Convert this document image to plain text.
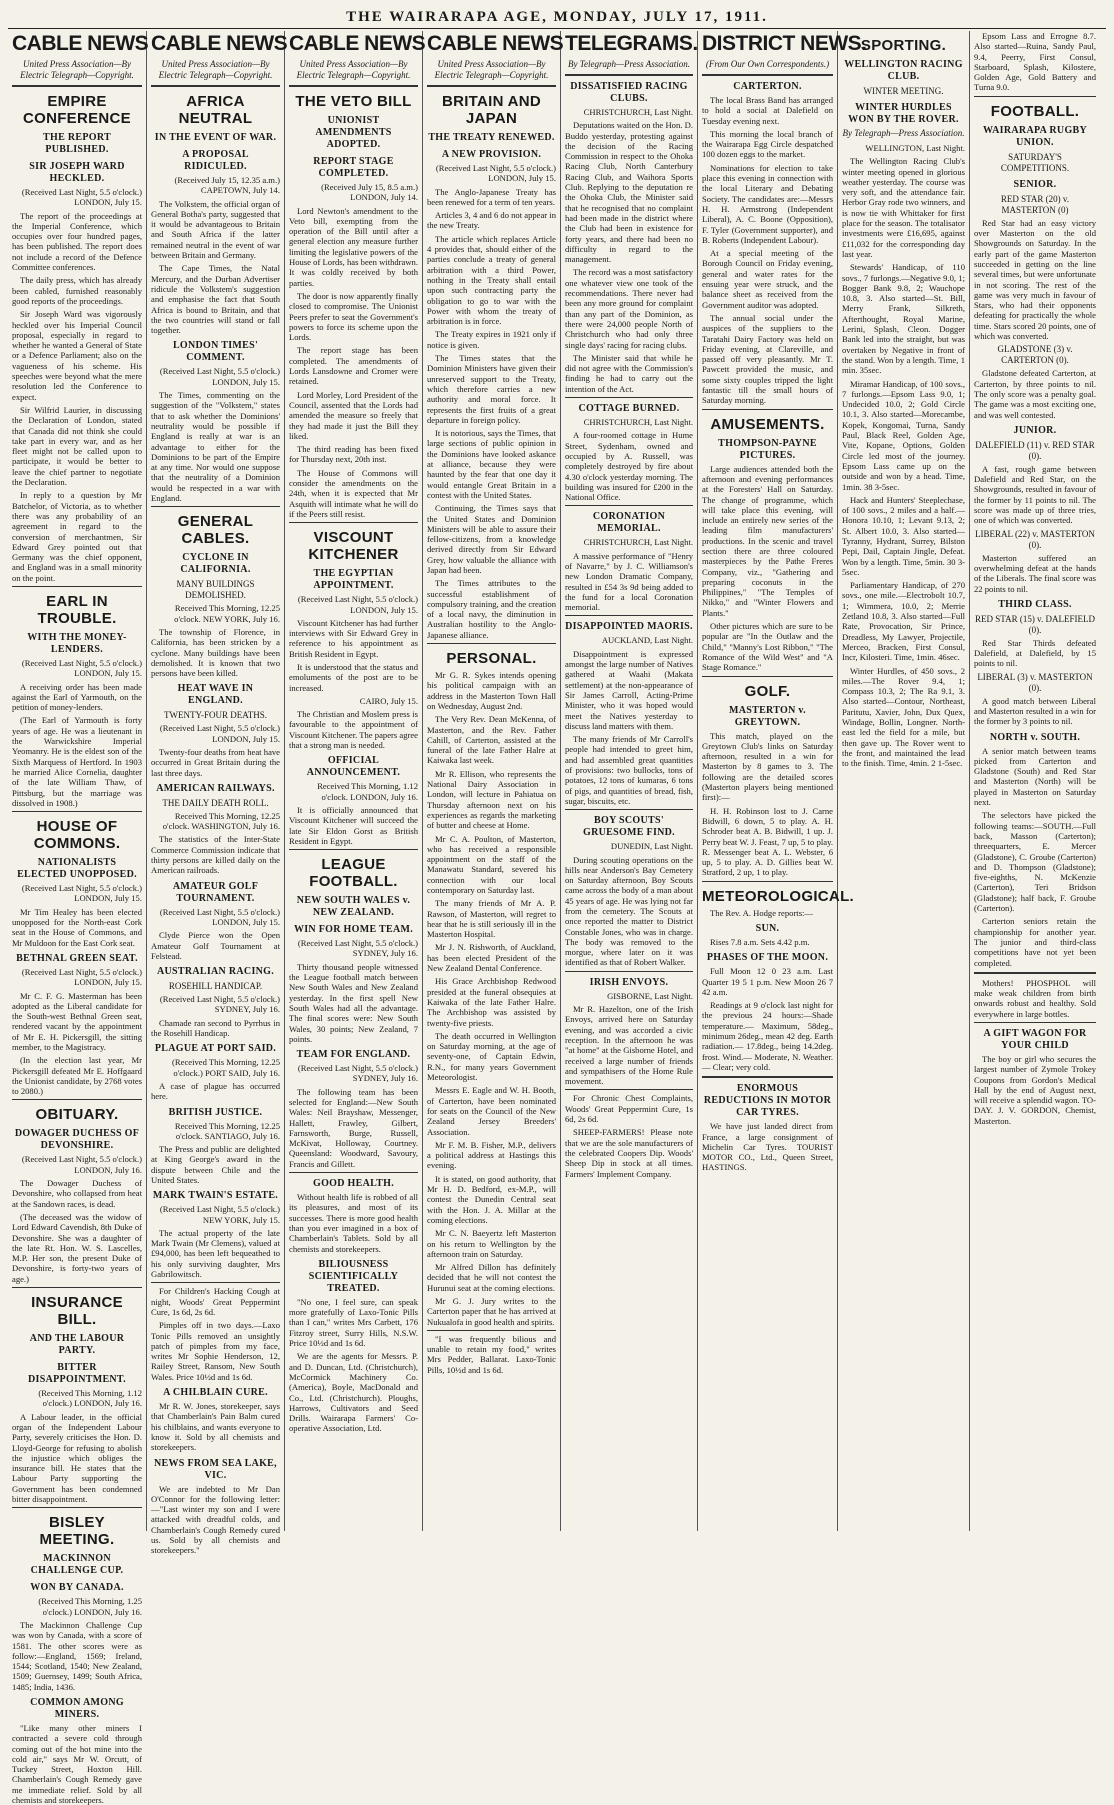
THE WAIRARAPA AGE, MONDAY, JULY 17, 1911.
CABLE NEWS
United Press Association—By Electric Telegraph—Copyright.
EMPIRE CONFERENCE
THE REPORT PUBLISHED.
SIR JOSEPH WARD HECKLED.

(Received Last Night, 5.5 o'clock.) LONDON, July 15.

The report of the proceedings at the Imperial Conference, which occupies over four hundred pages, has been published. The report does not include a record of the Defence Committee conferences.

The daily press, which has already been cabled, furnished reasonably good reports of the proceedings.

Sir Joseph Ward was vigorously heckled over his Imperial Council proposal, especially in regard to whether he wanted a General of State or a Defence Parliament; also on the vagueness of his scheme. His speeches were beyond what the mere resolution led the Conference to expect.

Sir Wilfrid Laurier, in discussing the Declaration of London, stated that Canada did not think she could take part in every war, and as her fleet might not be called upon to participate, it would be better to leave the chief partner to negotiate the Declaration.

In reply to a question by Mr Batchelor, of Victoria, as to whether there was any probability of an agreement in regard to the conversion of merchantmen, Sir Edward Grey pointed out that Germany was the chief opponent, and England was in a small minority on the point.

EARL IN TROUBLE.
WITH THE MONEY-LENDERS.

(Received Last Night, 5.5 o'clock.) LONDON, July 15.

A receiving order has been made against the Earl of Yarmouth, on the petition of money-lenders.

(The Earl of Yarmouth is forty years of age. He was a lieutenant in the Warwickshire Imperial Yeomanry. He is the eldest son of the Sixth Marquess of Hertford. In 1903 he married Alice Cornelia, daughter of the late William Thaw, of Pittsburg, but the marriage was dissolved in 1908.)

HOUSE OF COMMONS.
NATIONALISTS ELECTED UNOPPOSED.

(Received Last Night, 5.5 o'clock.) LONDON, July 15.

Mr Tim Healey has been elected unopposed for the North-east Cork seat in the House of Commons, and Mr Muldoon for the East Cork seat.

BETHNAL GREEN SEAT.

(Received Last Night, 5.5 o'clock.) LONDON, July 15.

Mr C. F. G. Masterman has been adopted as the Liberal candidate for the South-west Bethnal Green seat, rendered vacant by the appointment of Mr E. H. Pickersgill, the sitting member, to the Magistracy.

(In the election last year, Mr Pickersgill defeated Mr E. Hoffgaard the Unionist candidate, by 2768 votes to 2080.)

OBITUARY.
DOWAGER DUCHESS OF DEVONSHIRE.

(Received Last Night, 5.5 o'clock.) LONDON, July 16.

The Dowager Duchess of Devonshire, who collapsed from heat at the Sandown races, is dead.

(The deceased was the widow of Lord Edward Cavendish, 8th Duke of Devonshire. She was a daughter of the late Rt. Hon. W. S. Lascelles, M.P. Her son, the present Duke of Devonshire, is forty-two years of age.)

INSURANCE BILL.
AND THE LABOUR PARTY.
BITTER DISAPPOINTMENT.

(Received This Morning, 1.12 o'clock.) LONDON, July 16.

A Labour leader, in the official organ of the Independent Labour Party, severely criticises the Hon. D. Lloyd-George for refusing to abolish the injustice which obliges the insurance bill. He states that the Labour Party supporting the Government has been condemned bitter disappointment.

BISLEY MEETING.
MACKINNON CHALLENGE CUP.
WON BY CANADA.

(Received This Morning, 1.25 o'clock.) LONDON, July 16.

The Mackinnon Challenge Cup was won by Canada, with a score of 1581. The other scores were as follow:—England, 1569; Ireland, 1544; Scotland, 1540; New Zealand, 1509; Guernsey, 1499; South Africa, 1485; India, 1436.

COMMON AMONG MINERS.

"Like many other miners I contracted a severe cold through coming out of the hot mine into the cold air," says Mr W. Orcutt, of Tuckey Street, Hoxton Hill. Chamberlain's Cough Remedy gave me immediate relief. Sold by all chemists and storekeepers.

CABLE NEWS
United Press Association—By Electric Telegraph—Copyright.
AFRICA NEUTRAL
IN THE EVENT OF WAR.
A PROPOSAL RIDICULED.

(Received July 15, 12.35 a.m.) CAPETOWN, July 14.

The Volkstem, the official organ of General Botha's party, suggested that it would be advantageous to Britain and South Africa if the latter remained neutral in the event of war between Britain and Germany.

The Cape Times, the Natal Mercury, and the Durban Advertiser ridicule the Volkstem's suggestion and emphasise the fact that South Africa is bound to Britain, and that the two countries will stand or fall together.

LONDON TIMES' COMMENT.

(Received Last Night, 5.5 o'clock.) LONDON, July 15.

The Times, commenting on the suggestion of the "Volkstem," states that to ask whether the Dominions' neutrality would be possible if England is really at war is an advantage to either for the Dominions to be part of the Empire at any time. Nor would one suppose that the neutrality of a Dominion would be respected in a war with England.

GENERAL CABLES.
CYCLONE IN CALIFORNIA.
MANY BUILDINGS DEMOLISHED.

Received This Morning, 12.25 o'clock. NEW YORK, July 16.

The township of Florence, in California, has been stricken by a cyclone. Many buildings have been demolished. It is known that two persons have been killed.

HEAT WAVE IN ENGLAND.
TWENTY-FOUR DEATHS.

(Received Last Night, 5.5 o'clock.) LONDON, July 15.

Twenty-four deaths from heat have occurred in Great Britain during the last three days.

AMERICAN RAILWAYS.
THE DAILY DEATH ROLL.

Received This Morning, 12.25 o'clock. WASHINGTON, July 16.

The statistics of the Inter-State Commerce Commission indicate that thirty persons are killed daily on the American railroads.

AMATEUR GOLF TOURNAMENT.

(Received Last Night, 5.5 o'clock.) LONDON, July 15.

Clyde Pierce won the Open Amateur Golf Tournament at Felstead.

AUSTRALIAN RACING.
ROSEHILL HANDICAP.

(Received Last Night, 5.5 o'clock.) SYDNEY, July 16.

Chamade ran second to Pyrrhus in the Rosehill Handicap.

PLAGUE AT PORT SAID.

(Received This Morning, 12.25 o'clock.) PORT SAID, July 16.

A case of plague has occurred here.

BRITISH JUSTICE.

Received This Morning, 12.25 o'clock. SANTIAGO, July 16.

The Press and public are delighted at King George's award in the dispute between Chile and the United States.

MARK TWAIN'S ESTATE.

(Received Last Night, 5.5 o'clock.) NEW YORK, July 15.

The actual property of the late Mark Twain (Mr Clemens), valued at £94,000, has been left bequeathed to his only surviving daughter, Mrs Gabrilowitsch.

For Children's Hacking Cough at night, Woods' Great Peppermint Cure, 1s 6d, 2s 6d.

Pimples off in two days.—Laxo Tonic Pills removed an unsightly patch of pimples from my face, writes Mr Sophie Henderson, 12, Railey Street, Ransom, New South Wales. Price 10½d and 1s 6d.

A CHILBLAIN CURE.

Mr R. W. Jones, storekeeper, says that Chamberlain's Pain Balm cured his chilblains, and wants everyone to know it. Sold by all chemists and storekeepers.

NEWS FROM SEA LAKE, VIC.

We are indebted to Mr Dan O'Connor for the following letter:—"Last winter my son and I were attacked with dreadful colds, and Chamberlain's Cough Remedy cured us. Sold by all chemists and storekeepers."

CABLE NEWS
United Press Association—By Electric Telegraph—Copyright.
THE VETO BILL
UNIONIST AMENDMENTS ADOPTED.
REPORT STAGE COMPLETED.

(Received July 15, 8.5 a.m.) LONDON, July 14.

Lord Newton's amendment to the Veto bill, exempting from the operation of the Bill until after a general election any measure further limiting the legislative powers of the House of Lords, has been withdrawn. It was coldly received by both parties.

The door is now apparently finally closed to compromise. The Unionist Peers prefer to seat the Government's powers to force its scheme upon the Lords.

The report stage has been completed. The amendments of Lords Lansdowne and Cromer were retained.

Lord Morley, Lord President of the Council, assented that the Lords had amended the measure so freely that they had made it just the Bill they liked.

The third reading has been fixed for Thursday next, 20th inst.

The House of Commons will consider the amendments on the 24th, when it is expected that Mr Asquith will intimate what he will do if the Peers still resist.

VISCOUNT KITCHENER
THE EGYPTIAN APPOINTMENT.

(Received Last Night, 5.5 o'clock.) LONDON, July 15.

Viscount Kitchener has had further interviews with Sir Edward Grey in reference to his appointment as British Resident in Egypt.

It is understood that the status and emoluments of the post are to be increased.

CAIRO, July 15.

The Christian and Moslem press is favourable to the appointment of Viscount Kitchener. The papers agree that a strong man is needed.

OFFICIAL ANNOUNCEMENT.

Received This Morning, 1.12 o'clock. LONDON, July 16.

It is officially announced that Viscount Kitchener will succeed the late Sir Eldon Gorst as British Resident in Egypt.

LEAGUE FOOTBALL.
NEW SOUTH WALES v. NEW ZEALAND.
WIN FOR HOME TEAM.

(Received Last Night, 5.5 o'clock.) SYDNEY, July 16.

Thirty thousand people witnessed the League football match between New South Wales and New Zealand yesterday. In the first spell New South Wales had all the advantage. The final scores were: New South Wales, 30 points; New Zealand, 7 points.

TEAM FOR ENGLAND.

(Received Last Night, 5.5 o'clock.) SYDNEY, July 16.

The following team has been selected for England:—New South Wales: Neil Brayshaw, Messenger, Hallett, Frawley, Gilbert, Farnsworth, Burge, Russell, McKivat, Holloway, Courtney. Queensland: Woodward, Savoury, Francis and Gillett.

GOOD HEALTH.

Without health life is robbed of all its pleasures, and most of its successes. There is more good health than you ever imagined in a box of Chamberlain's Tablets. Sold by all chemists and storekeepers.

BILIOUSNESS SCIENTIFICALLY TREATED.

"No one, I feel sure, can speak more gratefully of Laxo-Tonic Pills than I can," writes Mrs Carbett, 176 Fitzroy street, Surry Hills, N.S.W. Price 10½d and 1s 6d.

We are the agents for Messrs. P. and D. Duncan, Ltd. (Christchurch), McCormick Machinery Co. (America), Boyle, MacDonald and Co., Ltd. (Christchurch). Ploughs, Harrows, Cultivators and Seed Drills. Wairarapa Farmers' Co-operative Association, Ltd.

CABLE NEWS
United Press Association—By Electric Telegraph—Copyright.
BRITAIN AND JAPAN
THE TREATY RENEWED.
A NEW PROVISION.

(Received Last Night, 5.5 o'clock.) LONDON, July 15.

The Anglo-Japanese Treaty has been renewed for a term of ten years.

Articles 3, 4 and 6 do not appear in the new Treaty.

The article which replaces Article 4 provides that, should either of the parties conclude a treaty of general arbitration with a third Power, nothing in the Treaty shall entail upon such contracting party the obligation to go to war with the Power with whom the treaty of arbitration is in force.

The Treaty expires in 1921 only if notice is given.

The Times states that the Dominion Ministers have given their unreserved support to the Treaty, which therefore carries a new authority and moral force. It represents the first fruits of a great departure in foreign policy.

It is notorious, says the Times, that large sections of public opinion in the Dominions have looked askance at alliance, because they were haunted by the fear that one day it would entangle Great Britain in a contest with the United States.

Continuing, the Times says that the United States and Dominion Ministers will be able to assure their fellow-citizens, from a knowledge derived directly from Sir Edward Grey, how valuable the alliance with Japan had been.

The Times attributes to the successful establishment of compulsory training, and the creation of a local navy, the diminution in Australian hostility to the Anglo-Japanese alliance.

PERSONAL.

Mr G. R. Sykes intends opening his political campaign with an address in the Masterton Town Hall on Wednesday, August 2nd.

The Very Rev. Dean McKenna, of Masterton, and the Rev. Father Cahill, of Carterton, assisted at the funeral of the late Father Halre at Kaiwaka last week.

Mr R. Ellison, who represents the National Dairy Association in London, will lecture in Pahiatua on Thursday afternoon next on his experiences as regards the marketing of butter and cheese at Home.

Mr C. A. Poulton, of Masterton, who has received a responsible appointment on the staff of the Manawatu Standard, severed his connection with our local contemporary on Saturday last.

The many friends of Mr A. P. Rawson, of Masterton, will regret to hear that he is still seriously ill in the Masterton Hospital.

Mr J. N. Rishworth, of Auckland, has been elected President of the New Zealand Dental Conference.

His Grace Archbishop Redwood presided at the funeral obsequies at Kaiwaka of the late Father Halre. The Archbishop was assisted by twenty-five priests.

The death occurred in Wellington on Saturday morning, at the age of seventy-one, of Captain Edwin, R.N., for many years Government Meteorologist.

Messrs E. Eagle and W. H. Booth, of Carterton, have been nominated for seats on the Council of the New Zealand Jersey Breeders' Association.

Mr F. M. B. Fisher, M.P., delivers a political address at Hastings this evening.

It is stated, on good authority, that Mr H. D. Bedford, ex-M.P., will contest the Dunedin Central seat with the Hon. J. A. Millar at the coming elections.

Mr C. N. Baeyertz left Masterton on his return to Wellington by the afternoon train on Saturday.

Mr Alfred Dillon has definitely decided that he will not contest the Hurunui seat at the coming elections.

Mr G. J. Jury writes to the Carterton paper that he has arrived at Nukualofa in good health and spirits.

"I was frequently bilious and unable to retain my food," writes Mrs Pedder, Ballarat. Laxo-Tonic Pills, 10½d and 1s 6d.

TELEGRAMS.
By Telegraph—Press Association.
DISSATISFIED RACING CLUBS.

CHRISTCHURCH, Last Night.

Deputations waited on the Hon. D. Buddo yesterday, protesting against the decision of the Racing Commission in respect to the Ohoka Racing Club, North Canterbury Racing Club, and Waihora Sports Club. Replying to the deputation re the Ohoka Club, the Minister said that he recognised that no complaint had been made in the district where the Club had been in existence for forty years, and there had been no difficulty in regard to the management.

The record was a most satisfactory one whatever view one took of the recommendations. There never had been any more ground for complaint than any part of the Dominion, as there were 24,000 people North of Christchurch who had only three single days' racing for racing clubs.

The Minister said that while he did not agree with the Commission's finding he had to carry out the intention of the Act.

COTTAGE BURNED.

CHRISTCHURCH, Last Night.

A four-roomed cottage in Hume Street, Sydenham, owned and occupied by A. Russell, was completely destroyed by fire about 4.30 o'clock yesterday morning. The building was insured for £200 in the National Office.

CORONATION MEMORIAL.

CHRISTCHURCH, Last Night.

A massive performance of "Henry of Navarre," by J. C. Williamson's new London Dramatic Company, resulted in £54 3s 9d being added to the fund for a local Coronation memorial.

DISAPPOINTED MAORIS.

AUCKLAND, Last Night.

Disappointment is expressed amongst the large number of Natives gathered at Waahi (Makata settlement) at the non-appearance of Sir James Carroll, Acting-Prime Minister, who it was hoped would meet the Natives yesterday to discuss land matters with them.

The many friends of Mr Carroll's people had intended to greet him, and had assembled great quantities of provisions: two bullocks, tons of potatoes, 12 tons of kumaras, 6 tons of pigs, and quantities of bread, fish, sugar, biscuits, etc.

BOY SCOUTS' GRUESOME FIND.

DUNEDIN, Last Night.

During scouting operations on the hills near Anderson's Bay Cemetery on Saturday afternoon, Boy Scouts came across the body of a man about 45 years of age. He was lying not far from the cemetery. The Scouts at once reported the matter to District Constable Jones, who was in charge. The body was removed to the morgue, where later on it was identified as that of Robert Walker.

IRISH ENVOYS.

GISBORNE, Last Night.

Mr R. Hazelton, one of the Irish Envoys, arrived here on Saturday evening, and was accorded a civic reception. In the afternoon he was "at home" at the Gisborne Hotel, and received a large number of friends and sympathisers of the Home Rule movement.

For Chronic Chest Complaints, Woods' Great Peppermint Cure, 1s 6d, 2s 6d.

SHEEP-FARMERS! Please note that we are the sole manufacturers of the celebrated Coopers Dip. Woods' Sheep Dip in stock at all times. Farmers' Implement Company.

DISTRICT NEWS.
(From Our Own Correspondents.)
CARTERTON.

The local Brass Band has arranged to hold a social at Dalefield on Tuesday evening next.

This morning the local branch of the Wairarapa Egg Circle despatched 100 dozen eggs to the market.

Nominations for election to take place this evening in connection with the local Literary and Debating Society. The candidates are:—Messrs H. H. Armstrong (Independent Liberal), A. C. Boone (Opposition), F. Tyler (Government supporter), and B. Roberts (Independent Labour).

At a special meeting of the Borough Council on Friday evening, general and water rates for the ensuing year were struck, and the balance sheet as received from the Government auditor was adopted.

The annual social under the auspices of the suppliers to the Taratahi Dairy Factory was held on Friday evening, at Clareville, and passed off very pleasantly. Mr T. Pawcett provided the music, and some sixty couples tripped the light fantastic till the small hours of Saturday morning.

AMUSEMENTS.
THOMPSON-PAYNE PICTURES.

Large audiences attended both the afternoon and evening performances at the Foresters' Hall on Saturday. The change of programme, which will take place this evening, will include an entirely new series of the leading film manufacturers' productions. In the scenic and travel section there are three coloured masterpieces by the Pathe Freres Company, viz., "Gathering and preparing coconuts in the Philippines," "The Temples of Nikko," and "Winter Flowers and Plants."

Other pictures which are sure to be popular are "In the Outlaw and the Child," "Manny's Lost Ribbon," "The Romance of the Wild West" and "A Stage Romance."

GOLF.
MASTERTON v. GREYTOWN.

This match, played on the Greytown Club's links on Saturday afternoon, resulted in a win for Masterton by 8 games to 3. The following are the detailed scores (Masterton players being mentioned first):—

H. H. Robinson lost to J. Carne Bidwill, 6 down, 5 to play. A. H. Schroder beat A. B. Bidwill, 1 up. J. Perry beat W. J. Feast, 7 up, 5 to play. R. Messenger beat A. L. Webster, 6 up, 5 to play. A. D. Gillies beat W. Stratford, 2 up, 1 to play.

METEOROLOGICAL.

The Rev. A. Hodge reports:—

SUN.

Rises 7.8 a.m. Sets 4.42 p.m.

PHASES OF THE MOON.

Full Moon 12 0 23 a.m. Last Quarter 19 5 1 p.m. New Moon 26 7 42 a.m.

Readings at 9 o'clock last night for the previous 24 hours:—Shade temperature.— Maximum, 58deg., minimum 26deg., mean 42 deg. Earth radiation.— 17.8deg., being 14.2deg. frost. Wind.— Moderate, N. Weather.— Clear; very cold.

ENORMOUS REDUCTIONS IN MOTOR CAR TYRES.

We have just landed direct from France, a large consignment of Michelin Car Tyres. TOURIST MOTOR CO., Ltd., Queen Street, HASTINGS.

SPORTING.
WELLINGTON RACING CLUB.
WINTER MEETING.
WINTER HURDLES WON BY THE ROVER.
By Telegraph—Press Association.

WELLINGTON, Last Night.

The Wellington Racing Club's winter meeting opened in glorious weather yesterday. The course was very soft, and the attendance fair. Herbor Gray rode two winners, and is now tie with Whittaker for first place for the season. The totalisator investments were £16,695, against £11,032 for the corresponding day last year.

Stewards' Handicap, of 110 sovs., 7 furlongs.—Negative 9.0, 1; Bogger Bank 9.8, 2; Wauchope 10.8, 3. Also started—St. Bill, Merry Frank, Silkreth, Afterthought, Royal Marine, Lerini, Splash, Cleon. Dogger Bank led into the straight, but was overtaken by Negative in front of the stand. Won by a length. Time, 1 min. 35sec.

Miramar Handicap, of 100 sovs., 7 furlongs.—Epsom Lass 9.0, 1; Undecided 10.0, 2; Gold Circle 10.1, 3. Also started—Morecambe, Kopek, Kongomai, Turna, Sandy Paul, Black Reel, Golden Age, Vite, Kopane, Options, Golden Circle led most of the journey. Epsom Lass came up on the outside and won by a head. Time, 1min. 38 3-5sec.

Hack and Hunters' Steeplechase, of 100 sovs., 2 miles and a half.—Honora 10.10, 1; Levant 9.13, 2; St. Albert 10.0, 3. Also started—Tyranny, Hydrant, Surrey, Bilston Pepi, Dail, Captain Jingle, Defeat. Won by a length. Time, 5min. 30 3-5sec.

Parliamentary Handicap, of 270 sovs., one mile.—Electrobolt 10.7, 1; Wimmera, 10.0, 2; Merrie Zetland 10.8, 3. Also started—Full Rate, Provocation, Sir Prince, Dreadless, My Lawyer, Projectile, Merceo, Bracken, First Consul, Incr, Kilosteri. Time, 1min. 46sec.

Winter Hurdles, of 450 sovs., 2 miles.—The Rover 9.4, 1; Compass 10.3, 2; The Ra 9.1, 3. Also started—Contour, Northeast, Paritutu, Xavier, John, Dux Quex, Windage, Bollin, Longner. North-east led the field for a mile, but then gave up. The Rover went to the front, and maintained the lead to the finish. Time, 4min. 2 1-5sec.

Epsom Lass and Errogne 8.7. Also started—Ruina, Sandy Paul, 9.4, Peerry, First Consul, Starboard, Splash, Kilostere, Golden Age, Gold Battery and Turna 9.0.

FOOTBALL.
WAIRARAPA RUGBY UNION.
SATURDAY'S COMPETITIONS.
SENIOR.
RED STAR (20) v. MASTERTON (0)

Red Star had an easy victory over Masterton on the old Showgrounds on Saturday. In the early part of the game Masterton succeeded in getting on the line several times, but were unfortunate in not scoring. The rest of the game was very much in favour of Stars, who had their opponents defeating for practically the whole time. Stars scored 20 points, one of which was converted.

GLADSTONE (3) v. CARTERTON (0).

Gladstone defeated Carterton, at Carterton, by three points to nil. The only score was a penalty goal. The game was a most exciting one, and was well contested.

JUNIOR.
DALEFIELD (11) v. RED STAR (0).

A fast, rough game between Dalefield and Red Star, on the Showgrounds, resulted in favour of the former by 11 points to nil. The score was made up of three tries, one of which was converted.

LIBERAL (22) v. MASTERTON (0).

Masterton suffered an overwhelming defeat at the hands of the Liberals. The final score was 22 points to nil.

THIRD CLASS.
RED STAR (15) v. DALEFIELD (0).

Red Star Thirds defeated Dalefield, at Dalefield, by 15 points to nil.

LIBERAL (3) v. MASTERTON (0).

A good match between Liberal and Masterton resulted in a win for the former by 3 points to nil.

NORTH v. SOUTH.

A senior match between teams picked from Carterton and Gladstone (South) and Red Star and Masterton (North) will be played in Masterton on Saturday next.

The selectors have picked the following teams:—SOUTH.—Full back, Masson (Carterton); threequarters, E. Mercer (Gladstone), C. Groube (Carterton) and D. Thompson (Gladstone); five-eighths, N. McKenzie (Carterton), Teri Bridson (Gladstone); half back, F. Groube (Carterton).

Carterton seniors retain the championship for another year. The junior and third-class competitions have not yet been completed.

Mothers! PHOSPHOL will make weak children from birth onwards robust and healthy. Sold everywhere in large bottles.

A GIFT WAGON FOR YOUR CHILD

The boy or girl who secures the largest number of Zymole Trokey Coupons from Gordon's Medical Hall by the end of August next, will receive a splendid wagon. TO-DAY. J. V. GORDON, Chemist, Masterton.
